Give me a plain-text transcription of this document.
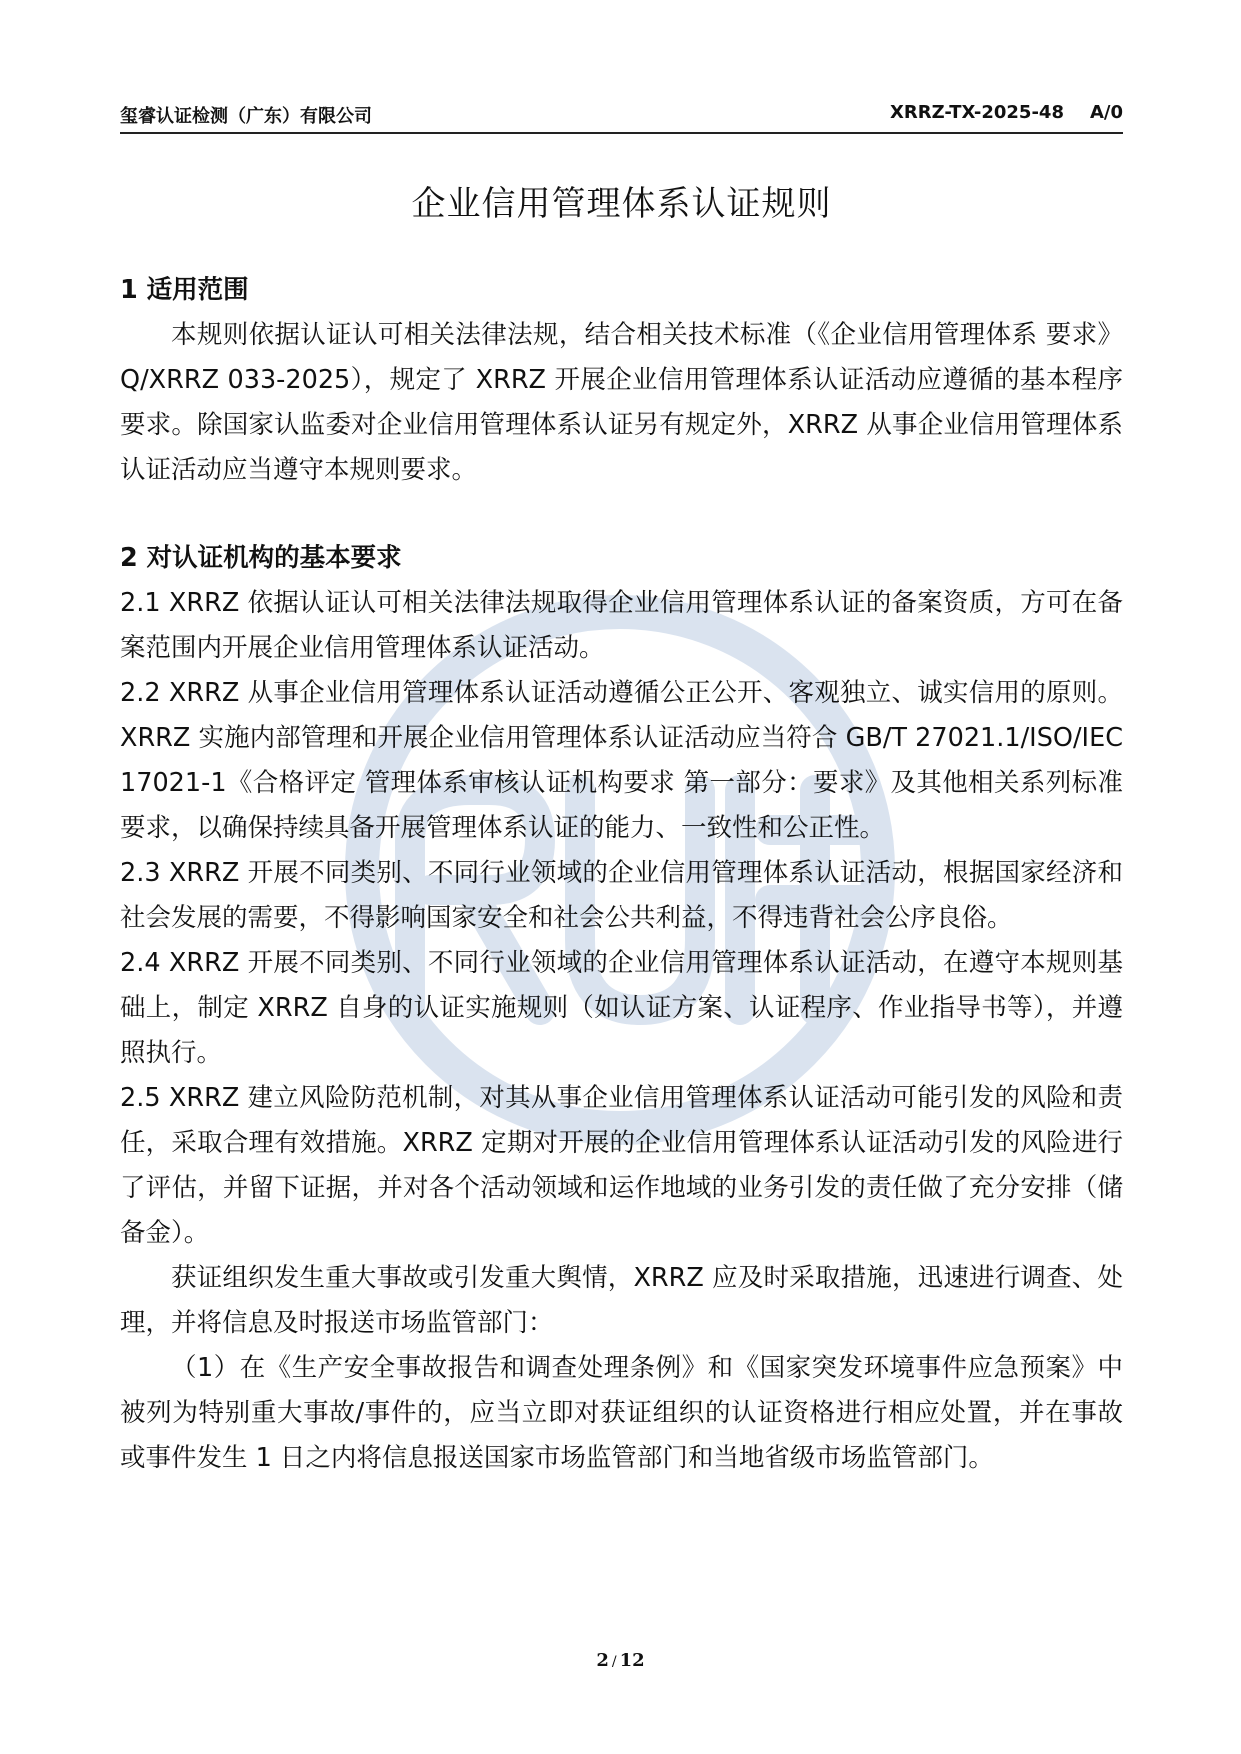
玺睿认证检测（广东）有限公司	XRRZ-TX-2025-48 A/0
企业信用管理体系认证规则
1 适用范围

本规则依据认证认可相关法律法规，结合相关技术标准（《企业信用管理体系 要求》Q/XRRZ 033-2025），规定了 XRRZ 开展企业信用管理体系认证活动应遵循的基本程序要求。除国家认监委对企业信用管理体系认证另有规定外，XRRZ 从事企业信用管理体系认证活动应当遵守本规则要求。

2 对认证机构的基本要求

2.1 XRRZ 依据认证认可相关法律法规取得企业信用管理体系认证的备案资质，方可在备案范围内开展企业信用管理体系认证活动。

2.2 XRRZ 从事企业信用管理体系认证活动遵循公正公开、客观独立、诚实信用的原则。XRRZ 实施内部管理和开展企业信用管理体系认证活动应当符合 GB/T 27021.1/ISO/IEC 17021-1《合格评定 管理体系审核认证机构要求 第一部分：要求》及其他相关系列标准要求，以确保持续具备开展管理体系认证的能力、一致性和公正性。

2.3 XRRZ 开展不同类别、不同行业领域的企业信用管理体系认证活动，根据国家经济和社会发展的需要，不得影响国家安全和社会公共利益，不得违背社会公序良俗。

2.4 XRRZ 开展不同类别、不同行业领域的企业信用管理体系认证活动，在遵守本规则基础上，制定 XRRZ 自身的认证实施规则（如认证方案、认证程序、作业指导书等），并遵照执行。

2.5 XRRZ 建立风险防范机制，对其从事企业信用管理体系认证活动可能引发的风险和责任，采取合理有效措施。XRRZ 定期对开展的企业信用管理体系认证活动引发的风险进行了评估，并留下证据，并对各个活动领域和运作地域的业务引发的责任做了充分安排（储备金）。

获证组织发生重大事故或引发重大舆情，XRRZ 应及时采取措施，迅速进行调查、处理，并将信息及时报送市场监管部门：

（1）在《生产安全事故报告和调查处理条例》和《国家突发环境事件应急预案》中被列为特别重大事故/事件的，应当立即对获证组织的认证资格进行相应处置，并在事故或事件发生 1 日之内将信息报送国家市场监管部门和当地省级市场监管部门。

2 / 12
